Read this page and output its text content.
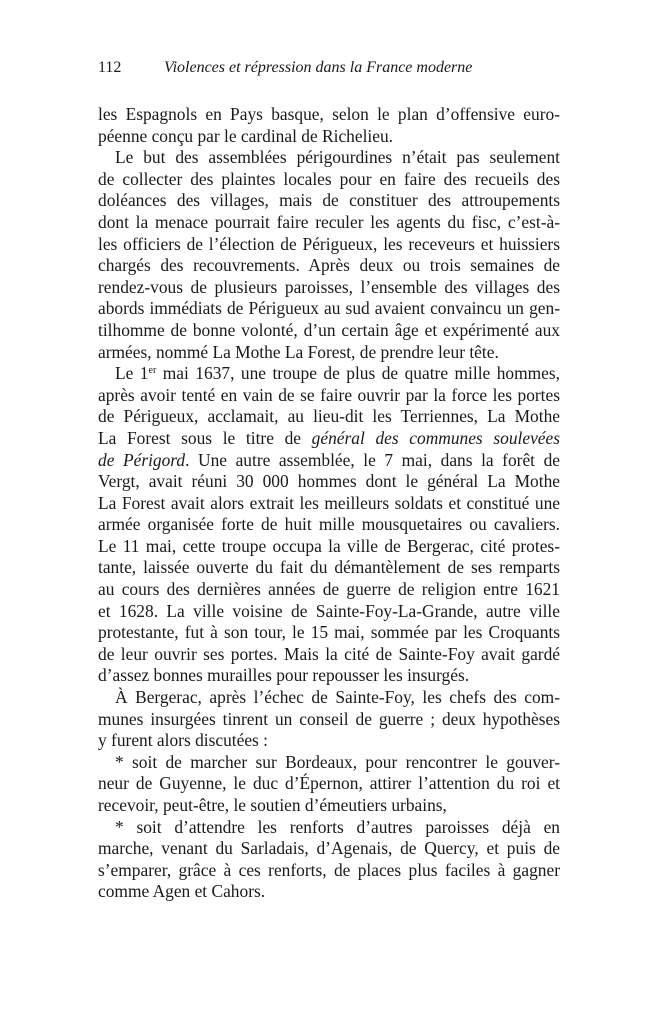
112	Violences et répression dans la France moderne
les Espagnols en Pays basque, selon le plan d’offensive euro-
péenne conçu par le cardinal de Richelieu.
Le but des assemblées périgourdines n’était pas seulement
de collecter des plaintes locales pour en faire des recueils des
doléances des villages, mais de constituer des attroupements
dont la menace pourrait faire reculer les agents du fisc, c’est-à-
les officiers de l’élection de Périgueux, les receveurs et huissiers
chargés des recouvrements. Après deux ou trois semaines de
rendez-vous de plusieurs paroisses, l’ensemble des villages des
abords immédiats de Périgueux au sud avaient convaincu un gen-
tilhomme de bonne volonté, d’un certain âge et expérimenté aux
armées, nommé La Mothe La Forest, de prendre leur tête.
Le 1er mai 1637, une troupe de plus de quatre mille hommes,
après avoir tenté en vain de se faire ouvrir par la force les portes
de Périgueux, acclamait, au lieu-dit les Terriennes, La Mothe
La Forest sous le titre de général des communes soulevées
de Périgord. Une autre assemblée, le 7 mai, dans la forêt de
Vergt, avait réuni 30 000 hommes dont le général La Mothe
La Forest avait alors extrait les meilleurs soldats et constitué une
armée organisée forte de huit mille mousquetaires ou cavaliers.
Le 11 mai, cette troupe occupa la ville de Bergerac, cité protes-
tante, laissée ouverte du fait du démantèlement de ses remparts
au cours des dernières années de guerre de religion entre 1621
et 1628. La ville voisine de Sainte-Foy-La-Grande, autre ville
protestante, fut à son tour, le 15 mai, sommée par les Croquants
de leur ouvrir ses portes. Mais la cité de Sainte-Foy avait gardé
d’assez bonnes murailles pour repousser les insurgés.
À Bergerac, après l’échec de Sainte-Foy, les chefs des com-
munes insurgées tinrent un conseil de guerre ; deux hypothèses
y furent alors discutées :
* soit de marcher sur Bordeaux, pour rencontrer le gouver-
neur de Guyenne, le duc d’Épernon, attirer l’attention du roi et
recevoir, peut-être, le soutien d’émeutiers urbains,
* soit d’attendre les renforts d’autres paroisses déjà en
marche, venant du Sarladais, d’Agenais, de Quercy, et puis de
s’emparer, grâce à ces renforts, de places plus faciles à gagner
comme Agen et Cahors.
